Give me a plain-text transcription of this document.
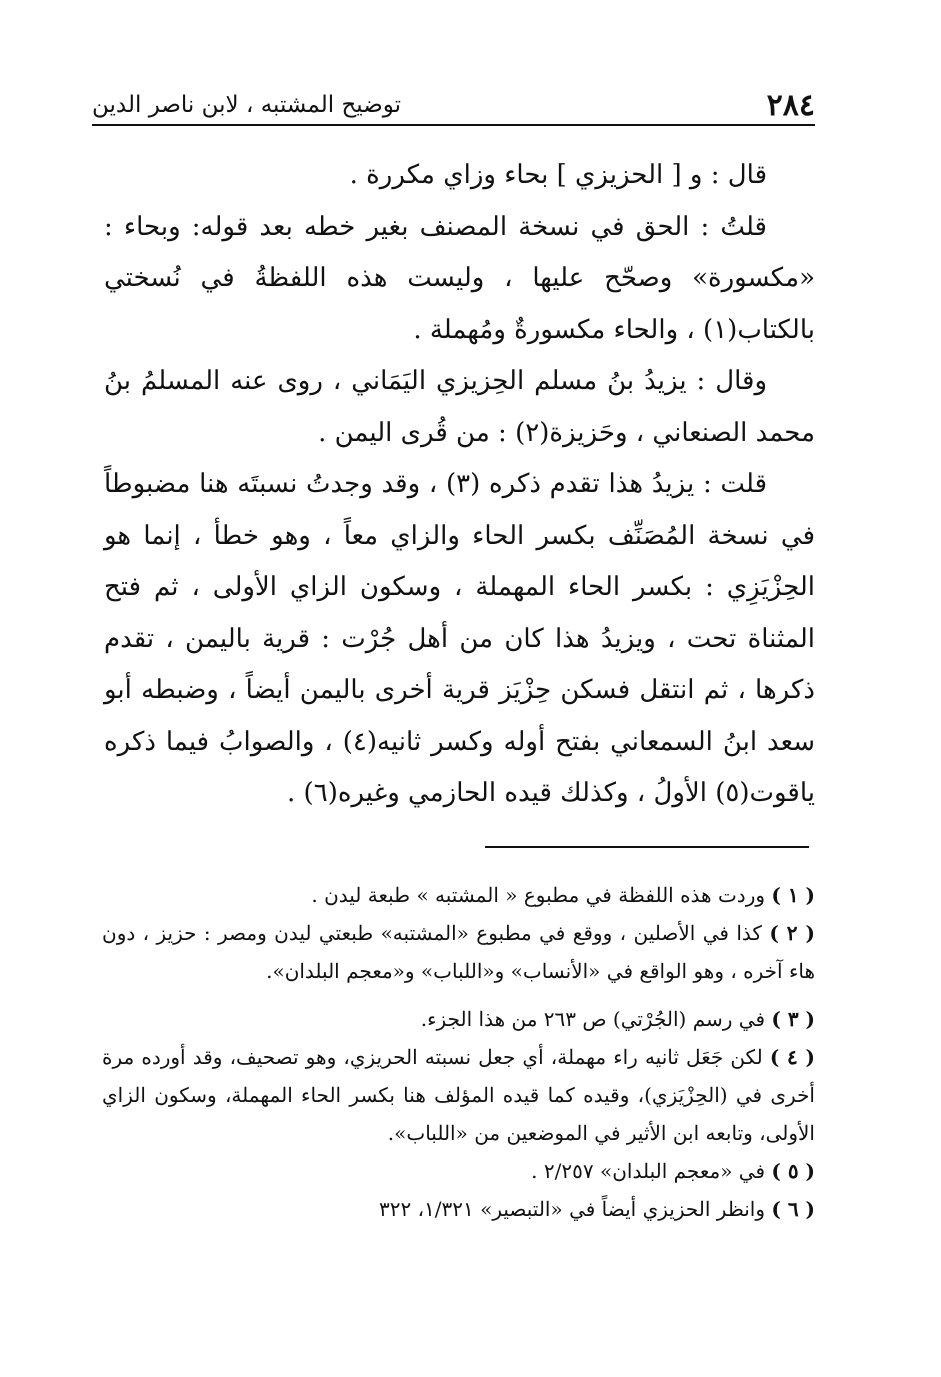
٢٨٤
توضيح المشتبه ، لابن ناصر الدين

قال : و [ الحزيزي ] بحاء وزاي مكررة .

قلتُ : الحق في نسخة المصنف بغير خطه بعد قوله: وبحاء : «مكسورة» وصحّح عليها ، وليست هذه اللفظةُ في نُسختي بالكتاب(١) ، والحاء مكسورةٌ ومُهملة .

وقال : يزيدُ بنُ مسلم الحِزيزي اليَمَاني ، روى عنه المسلمُ بنُ محمد الصنعاني ، وحَزيزة(٢) : من قُرى اليمن .

قلت : يزيدُ هذا تقدم ذكره (٣) ، وقد وجدتُ نسبتَه هنا مضبوطاً في نسخة المُصَنِّف بكسر الحاء والزاي معاً ، وهو خطأ ، إنما هو الحِزْيَزِي : بكسر الحاء المهملة ، وسكون الزاي الأولى ، ثم فتح المثناة تحت ، ويزيدُ هذا كان من أهل جُرْت : قرية باليمن ، تقدم ذكرها ، ثم انتقل فسكن حِزْيَز قرية أخرى باليمن أيضاً ، وضبطه أبو سعد ابنُ السمعاني بفتح أوله وكسر ثانيه(٤) ، والصوابُ فيما ذكره ياقوت(٥) الأولُ ، وكذلك قيده الحازمي وغيره(٦) .

( ١ ) وردت هذه اللفظة في مطبوع « المشتبه » طبعة ليدن .

( ٢ ) كذا في الأصلين ، ووقع في مطبوع «المشتبه» طبعتي ليدن ومصر : حزيز ، دون هاء آخره ، وهو الواقع في «الأنساب» و«اللباب» و«معجم البلدان».

( ٣ ) في رسم (الجُرْتي) ص ٢٦٣ من هذا الجزء.

( ٤ ) لكن جَعَل ثانيه راء مهملة، أي جعل نسبته الحريزي، وهو تصحيف، وقد أورده مرة أخرى في (الحِزْيَزي)، وقيده كما قيده المؤلف هنا بكسر الحاء المهملة، وسكون الزاي الأولى، وتابعه ابن الأثير في الموضعين من «اللباب».

( ٥ ) في «معجم البلدان» ٢/٢٥٧ .

( ٦ ) وانظر الحزيزي أيضاً في «التبصير» ١/٣٢١، ٣٢٢
